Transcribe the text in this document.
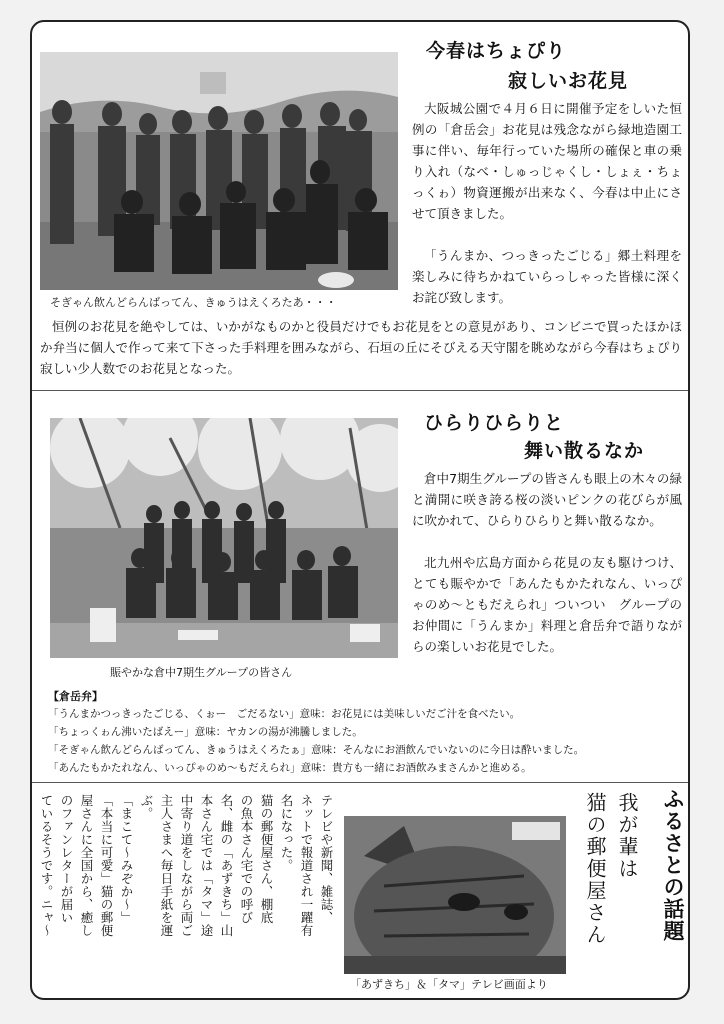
そぎゃん飲んどらんばってん、きゅうはえくろたあ・・・
今春はちょぴり
寂しいお花見

大阪城公園で４月６日に開催予定をしいた恒例の「倉岳会」お花見は残念ながら緑地造園工事に伴い、毎年行っていた場所の確保と車の乗り入れ（なべ・しゅっじゃくし・しょぇ・ちょっくゎ）物資運搬が出来なく、今春は中止にさせて頂きました。

「うんまか、つっきったごじる」郷土料理を楽しみに待ちかねていらっしゃった皆様に深くお詫び致します。

恒例のお花見を絶やしては、いかがなものかと役員だけでもお花見をとの意見があり、コンビニで買ったほかほか弁当に個人で作って来て下さった手料理を囲みながら、石垣の丘にそびえる天守閣を眺めながら今春はちょぴり寂しい少人数でのお花見となった。

賑やかな倉中7期生グループの皆さん
ひらりひらりと
舞い散るなか

倉中7期生グループの皆さんも眼上の木々の緑と満開に咲き誇る桜の淡いピンクの花びらが風に吹かれて、ひらりひらりと舞い散るなか。

北九州や広島方面から花見の友も駆けつけ、とても賑やかで「あんたもかたれなん、いっぴゃのめ～ともだえられ」ついつい　グループのお仲間に「うんまか」料理と倉岳弁で語りながらの楽しいお花見でした。

【倉岳弁】
「うんまかつっきったごじる、くぉー　ごだるない」意味：お花見には美味しいだご汁を食べたい。
「ちょっくゎん沸いたばえー」意味：ヤカンの湯が沸騰しました。
「そぎゃん飲んどらんばってん、きゅうはえくろたぁ」意味：そんなにお酒飲んでいないのに今日は酔いました。
「あんたもかたれなん、いっぴゃのめ～もだえられ」意味：貴方も一緒にお酒飲みまさんかと進める。
ふるさとの話題
我が輩は
猫の郵便屋さん
「あずきち」＆「タマ」テレビ画面より
テレビや新聞、雑誌、
ネットで報道され一躍有
名になった。
猫の郵便屋さん、棚底
の魚本さん宅での呼び
名、雌の「あずきち」山
本さん宅では「タマ」途
中寄り道をしながら両ご
主人さまへ毎日手紙を運
ぶ。
「まこて～みぞか～」
「本当に可愛」猫の郵便
屋さんに全国から、癒し
のファンレターが届い
ているそうです。ニャ～
